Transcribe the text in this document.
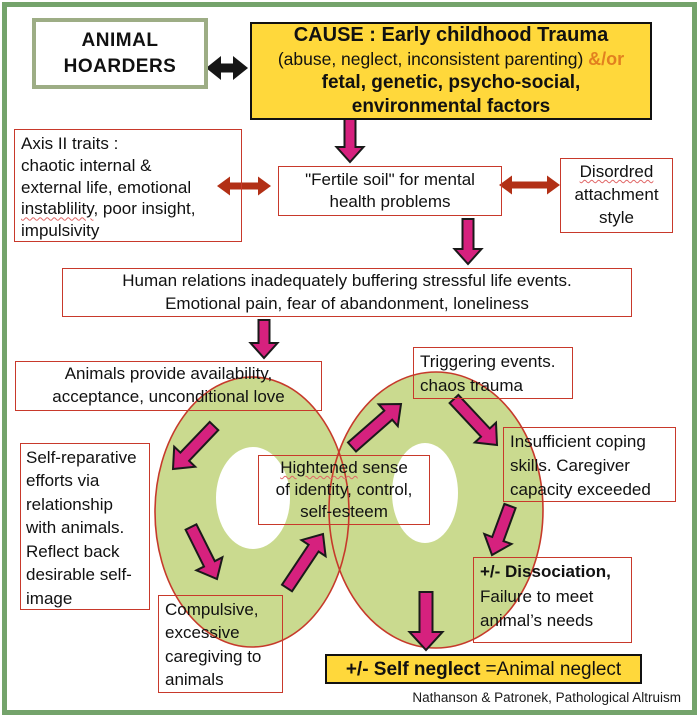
ANIMAL
HOARDERS
CAUSE : Early childhood Trauma
(abuse, neglect, inconsistent parenting) &/or
fetal, genetic, psycho-social,
environmental factors
Axis II traits :
chaotic internal &
external life, emotional
instablility, poor insight,
impulsivity
"Fertile soil" for mental
health problems
Disordred
attachment
style
Human relations inadequately buffering stressful life events.
Emotional pain, fear of abandonment, loneliness
Animals provide availability,
acceptance, unconditional love
Triggering events.
chaos trauma
Self-reparative
efforts via
relationship
with animals.
Reflect back
desirable self-
image
Hightened sense
of identity, control,
self-esteem
Insufficient coping
skills. Caregiver
capacity exceeded
+/- Dissociation,
Failure to meet
animal’s needs
Compulsive,
excessive
caregiving to
animals
+/- Self neglect =Animal neglect
Nathanson & Patronek, Pathological Altruism
